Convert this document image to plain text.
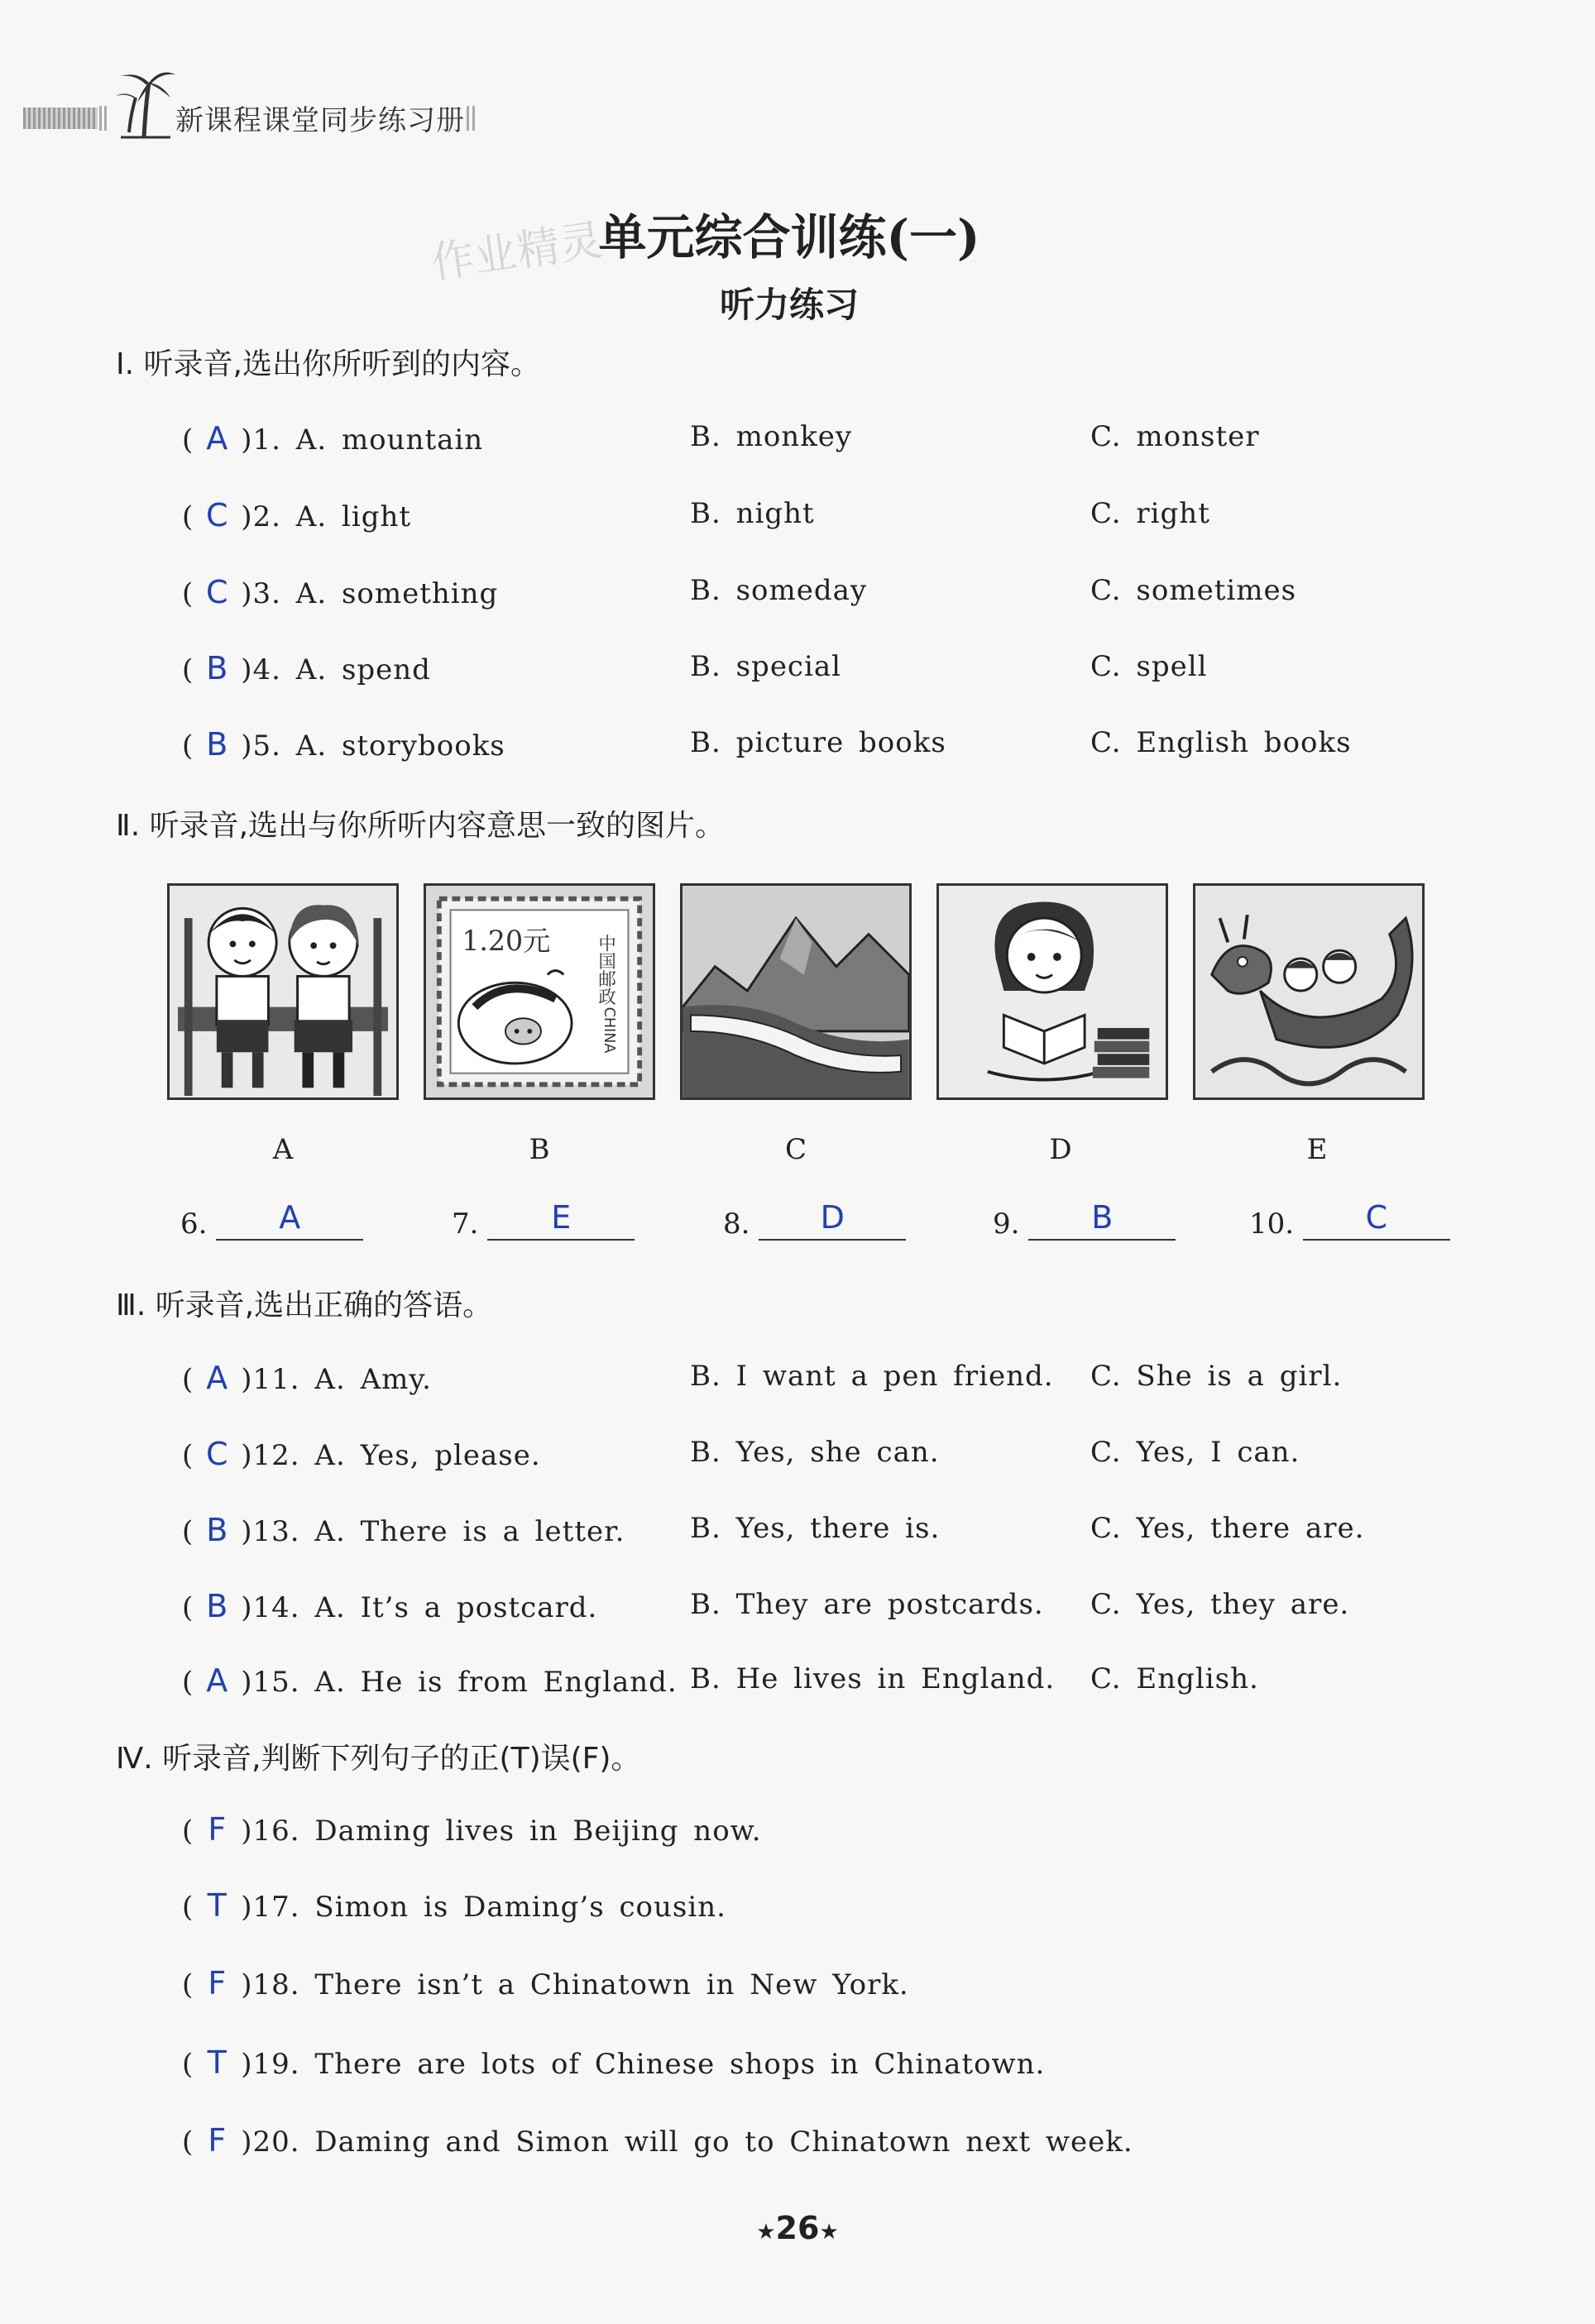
新课程课堂同步练习册
作业精灵
单元综合训练(一)
听力练习
Ⅰ. 听录音,选出你所听到的内容。
( A )1. A. mountain	B. monkey	C. monster
( C )2. A. light	B. night	C. right
( C )3. A. something	B. someday	C. sometimes
( B )4. A. spend	B. special	C. spell
( B )5. A. storybooks	B. picture books	C. English books
Ⅱ. 听录音,选出与你所听内容意思一致的图片。
1.20元 中国邮政
CHINA
A	B	C	D	E
6. A	7. E	8. D	9. B	10. C
Ⅲ. 听录音,选出正确的答语。
( A )11. A. Amy.	B. I want a pen friend. C. She is a girl.
( C )12. A. Yes, please.	B. Yes, she can.	C. Yes, I can.
( B )13. A. There is a letter. B. Yes, there is.	C. Yes, there are.
( B )14. A. It’s a postcard.	B. They are postcards. C. Yes, they are.
( A )15. A. He is from England. B. He lives in England. C. English.
Ⅳ. 听录音,判断下列句子的正(T)误(F)。
( F )16. Daming lives in Beijing now.
( T )17. Simon is Daming’s cousin.
( F )18. There isn’t a Chinatown in New York.
( T )19. There are lots of Chinese shops in Chinatown.
( F )20. Daming and Simon will go to Chinatown next week.
★26★
